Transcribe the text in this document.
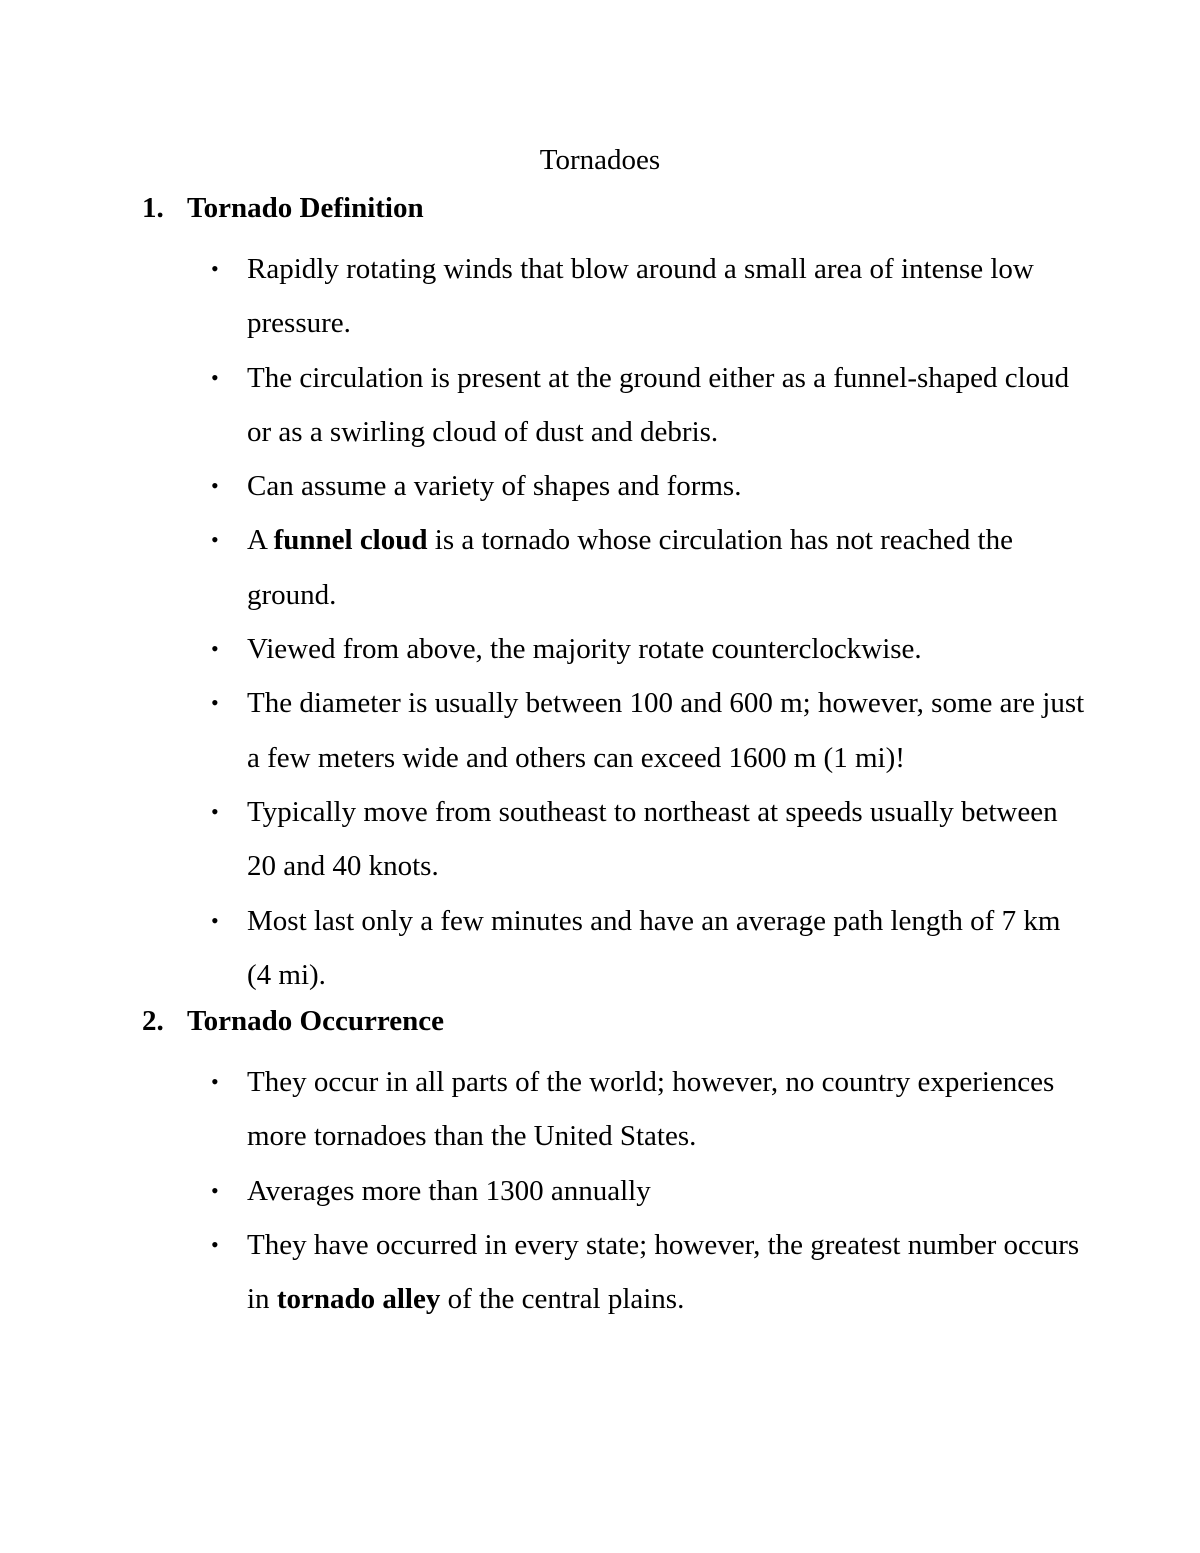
Tornadoes
1. Tornado Definition
• Rapidly rotating winds that blow around a small area of intense low pressure.
• The circulation is present at the ground either as a funnel-shaped cloud or as a swirling cloud of dust and debris.
• Can assume a variety of shapes and forms.
• A funnel cloud is a tornado whose circulation has not reached the ground.
• Viewed from above, the majority rotate counterclockwise.
• The diameter is usually between 100 and 600 m; however, some are just a few meters wide and others can exceed 1600 m (1 mi)!
• Typically move from southeast to northeast at speeds usually between 20 and 40 knots.
• Most last only a few minutes and have an average path length of 7 km (4 mi).
2. Tornado Occurrence
• They occur in all parts of the world; however, no country experiences more tornadoes than the United States.
• Averages more than 1300 annually
• They have occurred in every state; however, the greatest number occurs in tornado alley of the central plains.
